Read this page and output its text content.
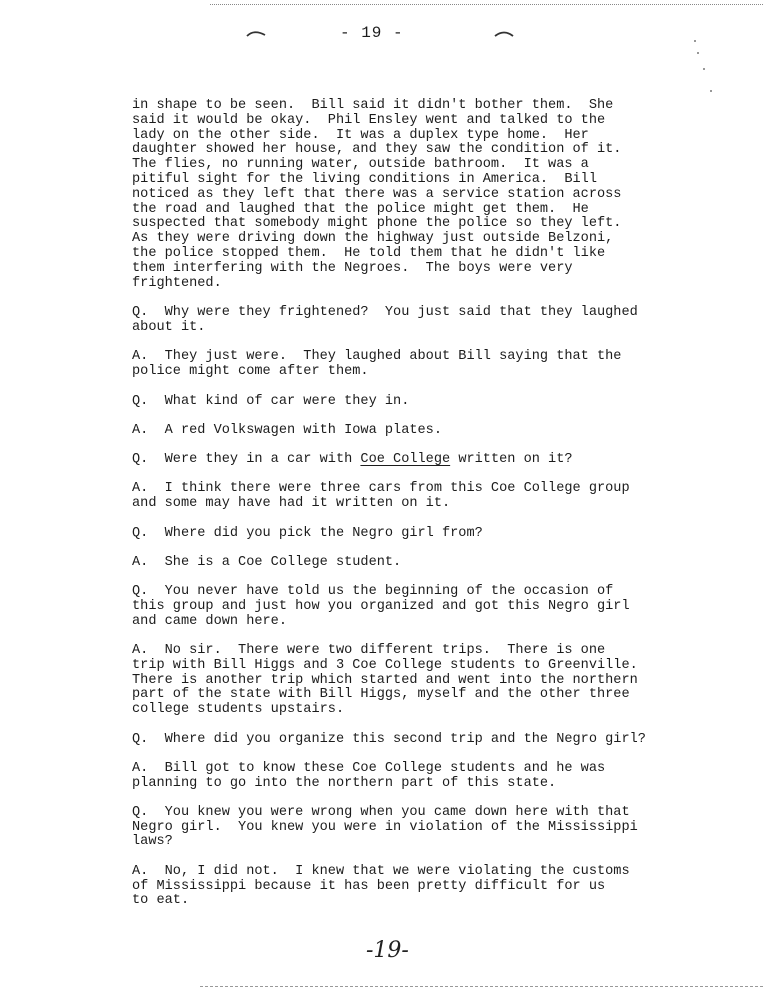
- 19 -

in shape to be seen.  Bill said it didn't bother them.  She
said it would be okay.  Phil Ensley went and talked to the
lady on the other side.  It was a duplex type home.  Her
daughter showed her house, and they saw the condition of it.
The flies, no running water, outside bathroom.  It was a
pitiful sight for the living conditions in America.  Bill
noticed as they left that there was a service station across
the road and laughed that the police might get them.  He
suspected that somebody might phone the police so they left.
As they were driving down the highway just outside Belzoni,
the police stopped them.  He told them that he didn't like
them interfering with the Negroes.  The boys were very
frightened.

Q.  Why were they frightened?  You just said that they laughed
about it.

A.  They just were.  They laughed about Bill saying that the
police might come after them.

Q.  What kind of car were they in.

A.  A red Volkswagen with Iowa plates.

Q.  Were they in a car with Coe College written on it?

A.  I think there were three cars from this Coe College group
and some may have had it written on it.

Q.  Where did you pick the Negro girl from?

A.  She is a Coe College student.

Q.  You never have told us the beginning of the occasion of
this group and just how you organized and got this Negro girl
and came down here.

A.  No sir.  There were two different trips.  There is one
trip with Bill Higgs and 3 Coe College students to Greenville.
There is another trip which started and went into the northern
part of the state with Bill Higgs, myself and the other three
college students upstairs.

Q.  Where did you organize this second trip and the Negro girl?

A.  Bill got to know these Coe College students and he was
planning to go into the northern part of this state.

Q.  You knew you were wrong when you came down here with that
Negro girl.  You knew you were in violation of the Mississippi
laws?

A.  No, I did not.  I knew that we were violating the customs
of Mississippi because it has been pretty difficult for us
to eat.

-19-
